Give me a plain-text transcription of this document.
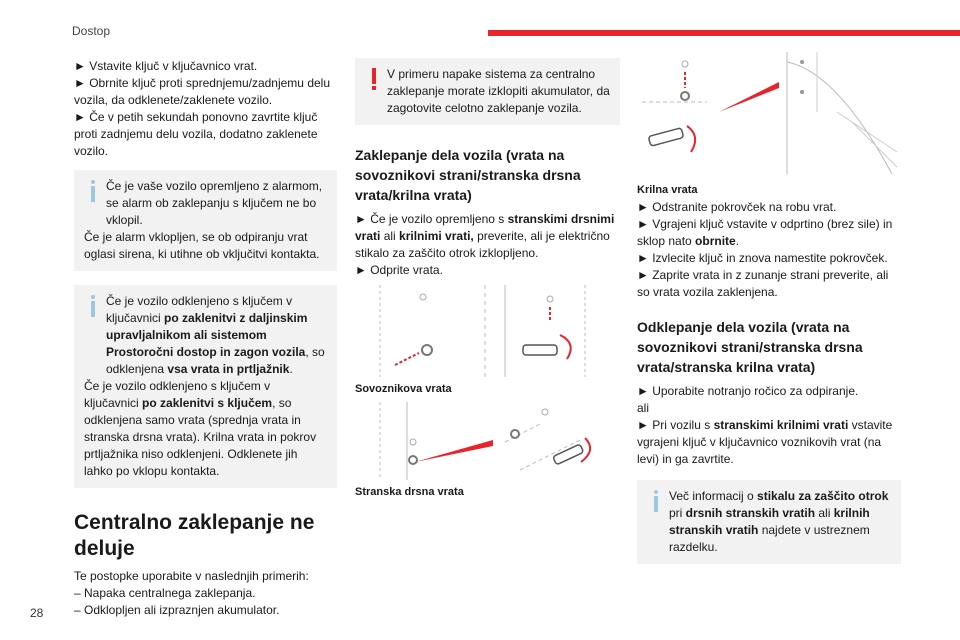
Dostop

► Vstavite ključ v ključavnico vrat.

► Obrnite ključ proti sprednjemu/zadnjemu delu vozila, da odklenete/zaklenete vozilo.

► Če v petih sekundah ponovno zavrtite ključ proti zadnjemu delu vozila, dodatno zaklenete vozilo.

Če je vaše vozilo opremljeno z alarmom, se alarm ob zaklepanju s ključem ne bo vklopil.

Če je alarm vklopljen, se ob odpiranju vrat oglasi sirena, ki utihne ob vključitvi kontakta.

Če je vozilo odklenjeno s ključem v ključavnici po zaklenitvi z daljinskim upravljalnikom ali sistemom Prostoročni dostop in zagon vozila, so odklenjena vsa vrata in prtljažnik.

Če je vozilo odklenjeno s ključem v ključavnici po zaklenitvi s ključem, so odklenjena samo vrata (sprednja vrata in stranska drsna vrata). Krilna vrata in pokrov prtljažnika niso odklenjeni. Odklenete jih lahko po vklopu kontakta.

Centralno zaklepanje ne deluje

Te postopke uporabite v naslednjih primerih:

– Napaka centralnega zaklepanja.

– Odklopljen ali izpraznjen akumulator.

V primeru napake sistema za centralno zaklepanje morate izklopiti akumulator, da zagotovite celotno zaklepanje vozila.

Zaklepanje dela vozila (vrata na sovoznikovi strani/stranska drsna vrata/krilna vrata)

► Če je vozilo opremljeno s stranskimi drsnimi vrati ali krilnimi vrati, preverite, ali je električno stikalo za zaščito otrok izklopljeno.

► Odprite vrata.

Sovoznikova vrata

Stranska drsna vrata

Krilna vrata

► Odstranite pokrovček na robu vrat.

► Vgrajeni ključ vstavite v odprtino (brez sile) in sklop nato obrnite.

► Izvlecite ključ in znova namestite pokrovček.

► Zaprite vrata in z zunanje strani preverite, ali so vrata vozila zaklenjena.

Odklepanje dela vozila (vrata na sovoznikovi strani/stranska drsna vrata/stranska krilna vrata)

► Uporabite notranjo ročico za odpiranje.

ali

► Pri vozilu s stranskimi krilnimi vrati vstavite vgrajeni ključ v ključavnico voznikovih vrat (na levi) in ga zavrtite.

Več informacij o stikalu za zaščito otrok pri drsnih stranskih vratih ali krilnih stranskih vratih najdete v ustreznem razdelku.

28
